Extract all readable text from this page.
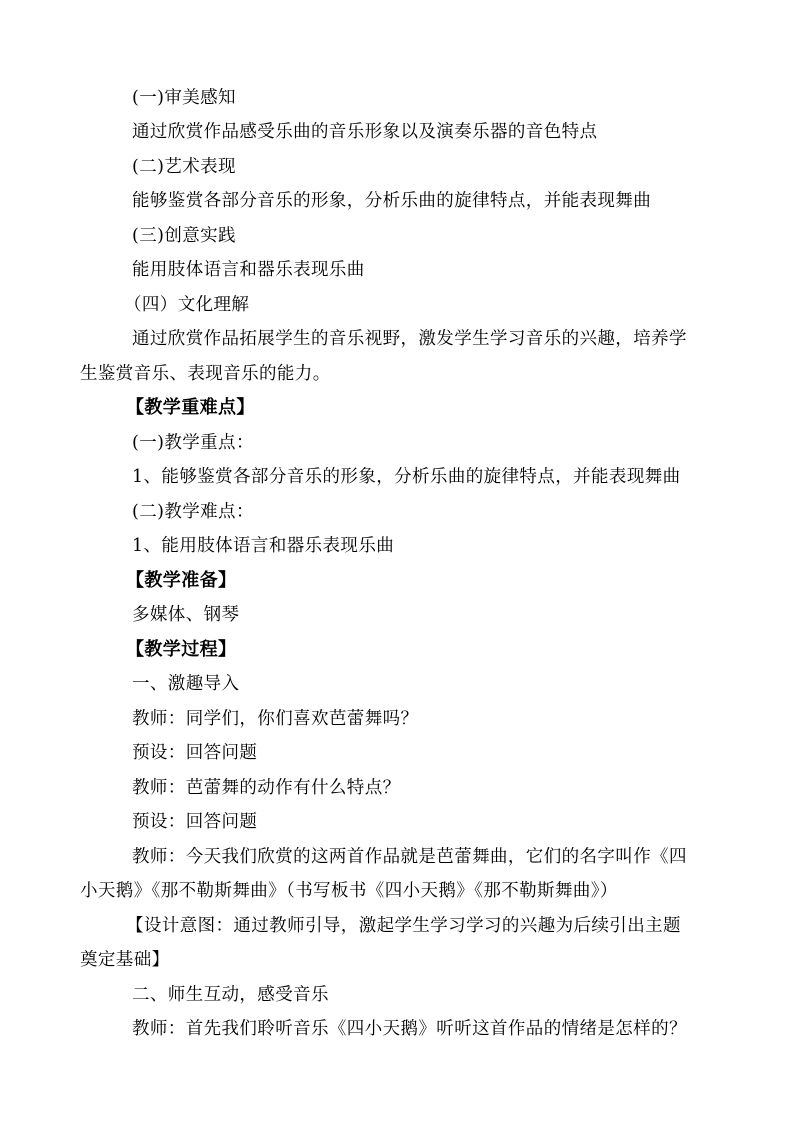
(一)审美感知
通过欣赏作品感受乐曲的音乐形象以及演奏乐器的音色特点
(二)艺术表现
能够鉴赏各部分音乐的形象，分析乐曲的旋律特点，并能表现舞曲
(三)创意实践
能用肢体语言和器乐表现乐曲
（四）文化理解
通过欣赏作品拓展学生的音乐视野，激发学生学习音乐的兴趣，培养学
生鉴赏音乐、表现音乐的能力。
【教学重难点】
(一)教学重点：
1、能够鉴赏各部分音乐的形象，分析乐曲的旋律特点，并能表现舞曲
(二)教学难点：
1、能用肢体语言和器乐表现乐曲
【教学准备】
多媒体、钢琴
【教学过程】
一、激趣导入
教师：同学们，你们喜欢芭蕾舞吗？
预设：回答问题
教师：芭蕾舞的动作有什么特点？
预设：回答问题
教师：今天我们欣赏的这两首作品就是芭蕾舞曲，它们的名字叫作《四
小天鹅》《那不勒斯舞曲》（书写板书《四小天鹅》《那不勒斯舞曲》）
【设计意图：通过教师引导，激起学生学习学习的兴趣为后续引出主题
奠定基础】
二、师生互动，感受音乐
教师：首先我们聆听音乐《四小天鹅》听听这首作品的情绪是怎样的？
